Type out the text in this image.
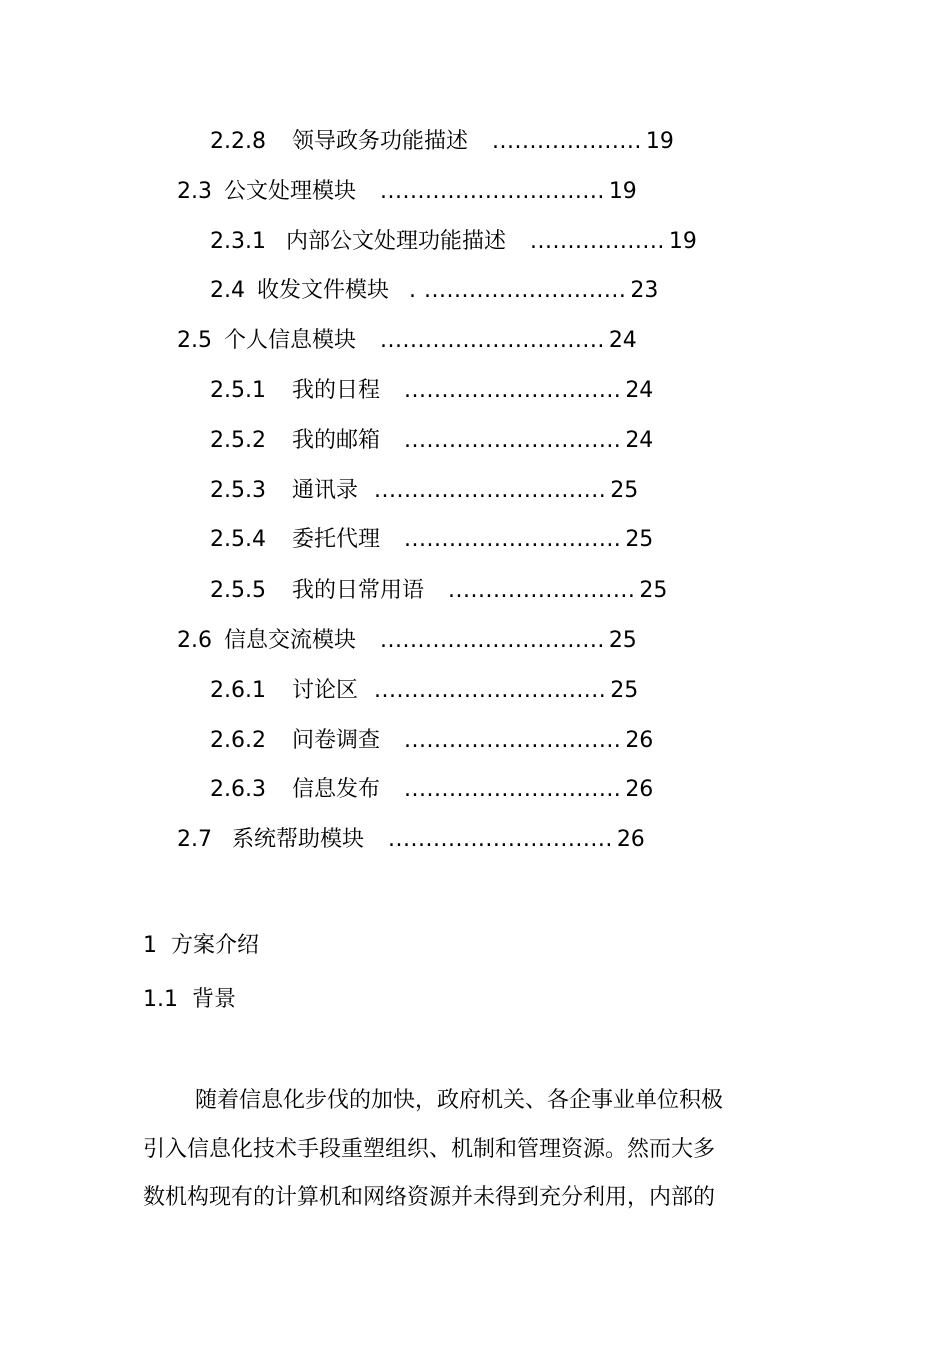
2.2.8 领导政务功能描述 .................... 19
2.3 公文处理模块 .............................. 19
2.3.1 内部公文处理功能描述 .................. 19
2.4 收发文件模块 . ........................... 23
2.5 个人信息模块 .............................. 24
2.5.1 我的日程 ............................. 24
2.5.2 我的邮箱 ............................. 24
2.5.3 通讯录 ............................... 25
2.5.4 委托代理 ............................. 25
2.5.5 我的日常用语 ......................... 25
2.6 信息交流模块 .............................. 25
2.6.1 讨论区 ............................... 25
2.6.2 问卷调查 ............................. 26
2.6.3 信息发布 ............................. 26
2.7 系统帮助模块 .............................. 26
1 方案介绍
1.1 背景
随着信息化步伐的加快，政府机关、各企事业单位积极
引入信息化技术手段重塑组织、机制和管理资源。然而大多
数机构现有的计算机和网络资源并未得到充分利用，内部的
